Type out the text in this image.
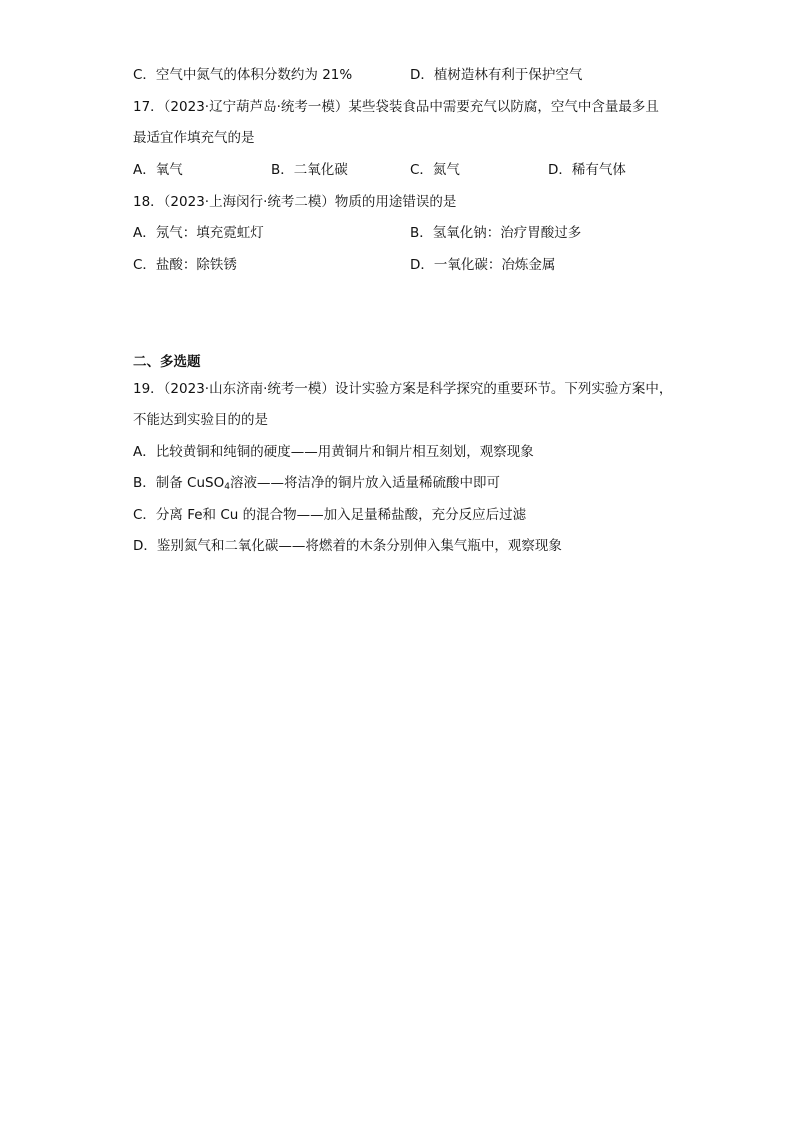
C．空气中氮气的体积分数约为 21%	D．植树造林有利于保护空气
17．（2023·辽宁葫芦岛·统考一模）某些袋装食品中需要充气以防腐，空气中含量最多且
最适宜作填充气的是
A．氧气	B．二氧化碳	C．氮气	D．稀有气体
18．（2023·上海闵行·统考二模）物质的用途错误的是
A．氖气：填充霓虹灯	B．氢氧化钠：治疗胃酸过多
C．盐酸：除铁锈	D．一氧化碳：冶炼金属
二、多选题
19．（2023·山东济南·统考一模）设计实验方案是科学探究的重要环节。下列实验方案中，
不能达到实验目的的是
A．比较黄铜和纯铜的硬度——用黄铜片和铜片相互刻划，观察现象
B．制备 CuSO$_4$溶液——将洁净的铜片放入适量稀硫酸中即可
C．分离 Fe和 Cu 的混合物——加入足量稀盐酸，充分反应后过滤
D．鉴别氮气和二氧化碳——将燃着的木条分别伸入集气瓶中，观察现象
